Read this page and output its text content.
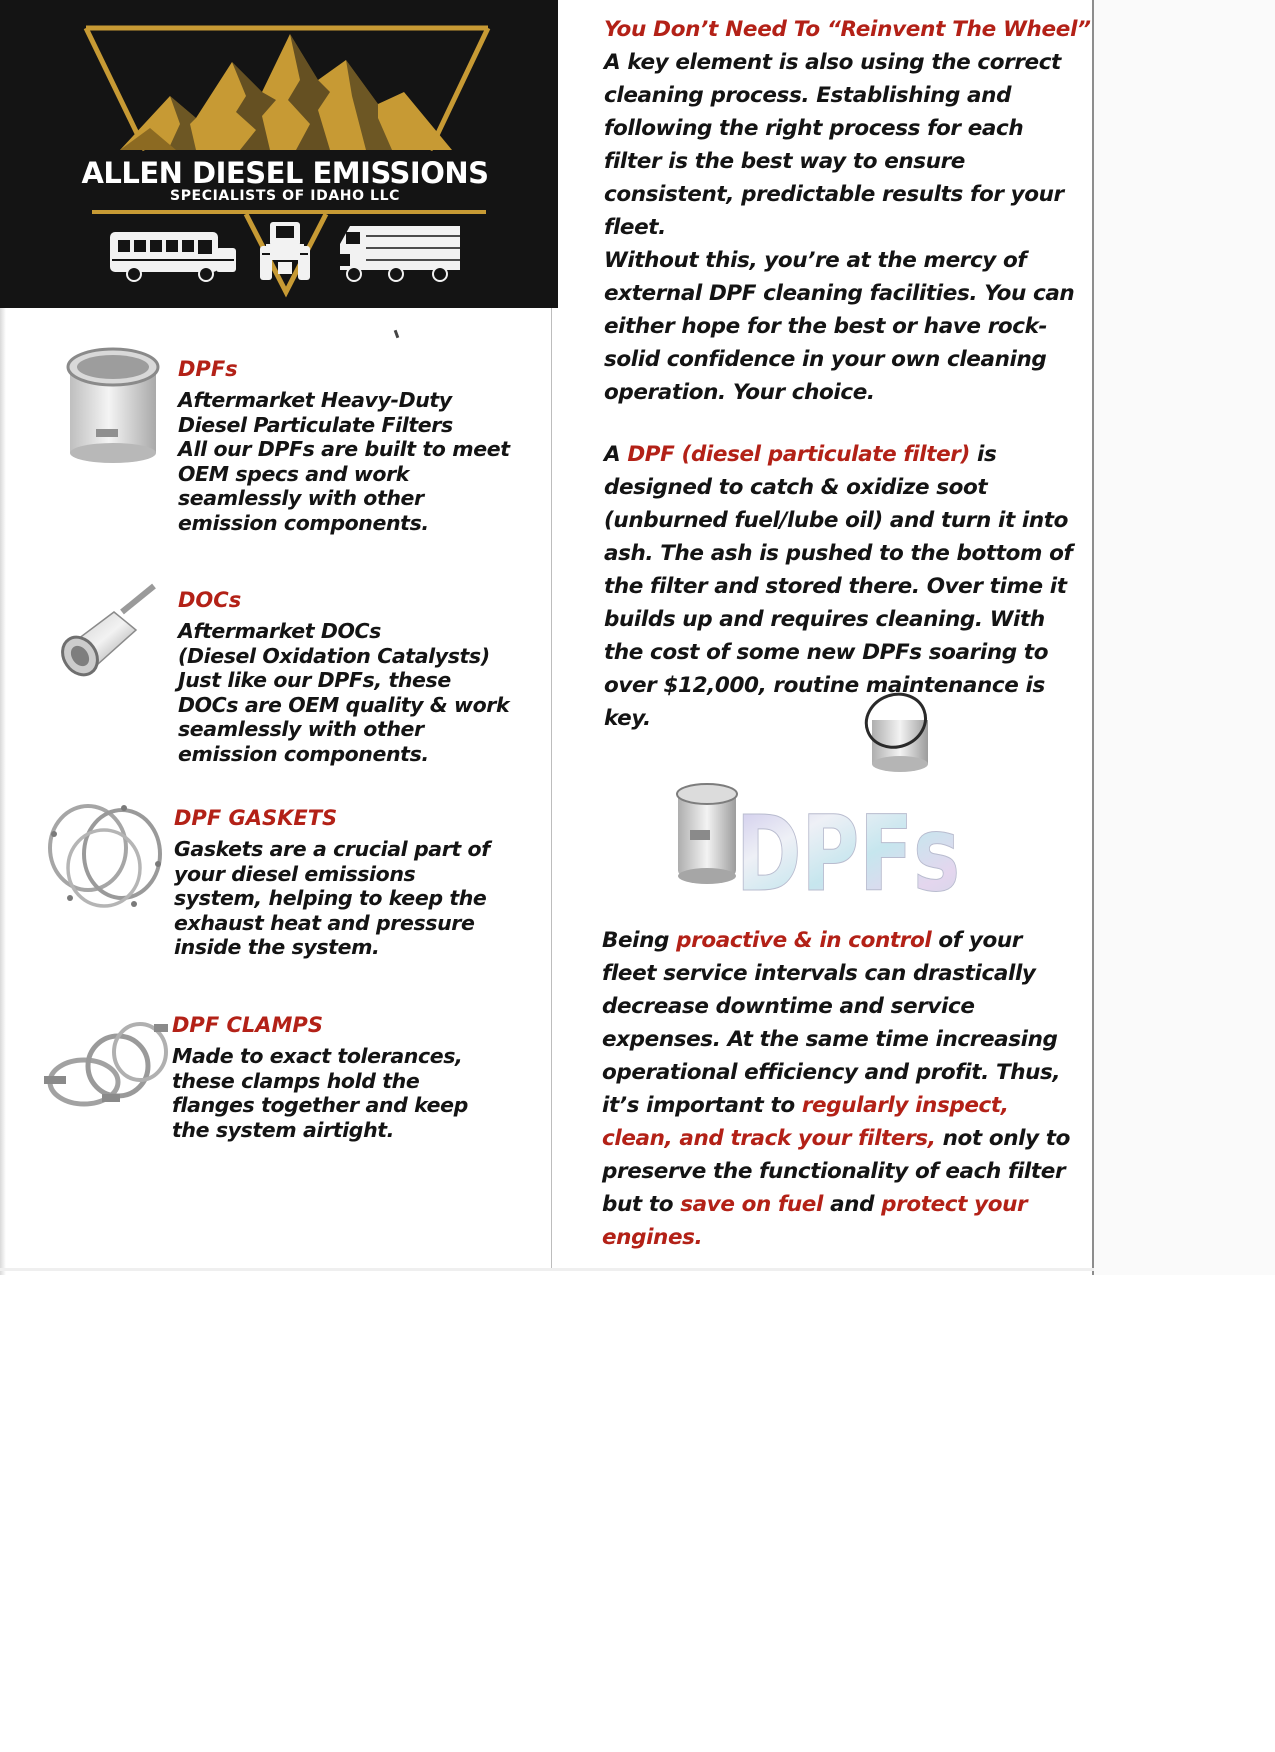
ALLEN DIESEL EMISSIONS
SPECIALISTS OF IDAHO LLC
DPFs

Aftermarket Heavy-Duty
Diesel Particulate Filters
All our DPFs are built to meet
OEM specs and work
seamlessly with other
emission components.

DOCs

Aftermarket DOCs
(Diesel Oxidation Catalysts)
Just like our DPFs, these
DOCs are OEM quality & work
seamlessly with other
emission components.

DPF GASKETS

Gaskets are a crucial part of
your diesel emissions
system, helping to keep the
exhaust heat and pressure
inside the system.

DPF CLAMPS

Made to exact tolerances,
these clamps hold the
flanges together and keep
the system airtight.

You Don’t Need To “Reinvent The Wheel”

A key element is also using the correct cleaning process. Establishing and following the right process for each filter is the best way to ensure consistent, predictable results for your fleet.

Without this, you’re at the mercy of external DPF cleaning facilities. You can either hope for the best or have rock-solid confidence in your own cleaning operation. Your choice.

A DPF (diesel particulate filter) is designed to catch & oxidize soot (unburned fuel/lube oil) and turn it into ash. The ash is pushed to the bottom of the filter and stored there. Over time it builds up and requires cleaning. With the cost of some new DPFs soaring to over $12,000, routine maintenance is key.

DPFs

Being proactive & in control of your fleet service intervals can drastically decrease downtime and service expenses. At the same time increasing operational efficiency and profit. Thus, it’s important to regularly inspect, clean, and track your filters, not only to preserve the functionality of each filter but to save on fuel and protect your engines.
